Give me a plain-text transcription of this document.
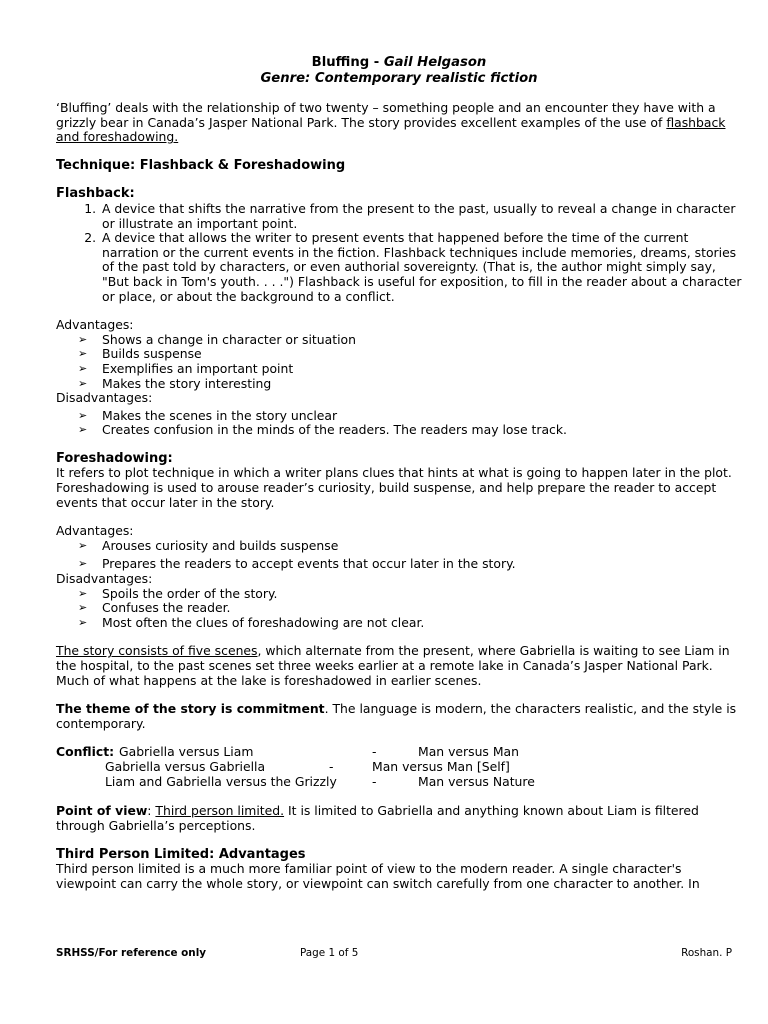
Bluffing - Gail Helgason

Genre: Contemporary realistic fiction

‘Bluffing’ deals with the relationship of two twenty – something people and an encounter they have with a grizzly bear in Canada’s Jasper National Park. The story provides excellent examples of the use of flashback and foreshadowing.

Technique: Flashback & Foreshadowing

Flashback:

1. A device that shifts the narrative from the present to the past, usually to reveal a change in character or illustrate an important point.
2. A device that allows the writer to present events that happened before the time of the current narration or the current events in the fiction. Flashback techniques include memories, dreams, stories of the past told by characters, or even authorial sovereignty. (That is, the author might simply say, "But back in Tom's youth. . . .") Flashback is useful for exposition, to fill in the reader about a character or place, or about the background to a conflict.

Advantages:

➢ Shows a change in character or situation
➢ Builds suspense
➢ Exemplifies an important point
➢ Makes the story interesting

Disadvantages:

➢ Makes the scenes in the story unclear
➢ Creates confusion in the minds of the readers. The readers may lose track.

Foreshadowing:

It refers to plot technique in which a writer plans clues that hints at what is going to happen later in the plot. Foreshadowing is used to arouse reader’s curiosity, build suspense, and help prepare the reader to accept events that occur later in the story.

Advantages:

➢ Arouses curiosity and builds suspense
➢ Prepares the readers to accept events that occur later in the story.

Disadvantages:

➢ Spoils the order of the story.
➢ Confuses the reader.
➢ Most often the clues of foreshadowing are not clear.

The story consists of five scenes, which alternate from the present, where Gabriella is waiting to see Liam in the hospital, to the past scenes set three weeks earlier at a remote lake in Canada’s Jasper National Park. Much of what happens at the lake is foreshadowed in earlier scenes.

The theme of the story is commitment. The language is modern, the characters realistic, and the style is contemporary.

Conflict: Gabriella versus Liam	-	Man versus Man
Gabriella versus Gabriella	-	Man versus Man [Self]
Liam and Gabriella versus the Grizzly	-	Man versus Nature

Point of view: Third person limited. It is limited to Gabriella and anything known about Liam is filtered through Gabriella’s perceptions.

Third Person Limited: Advantages

Third person limited is a much more familiar point of view to the modern reader. A single character's viewpoint can carry the whole story, or viewpoint can switch carefully from one character to another. In

SRHSS/For reference only	Page 1 of 5	Roshan. P
